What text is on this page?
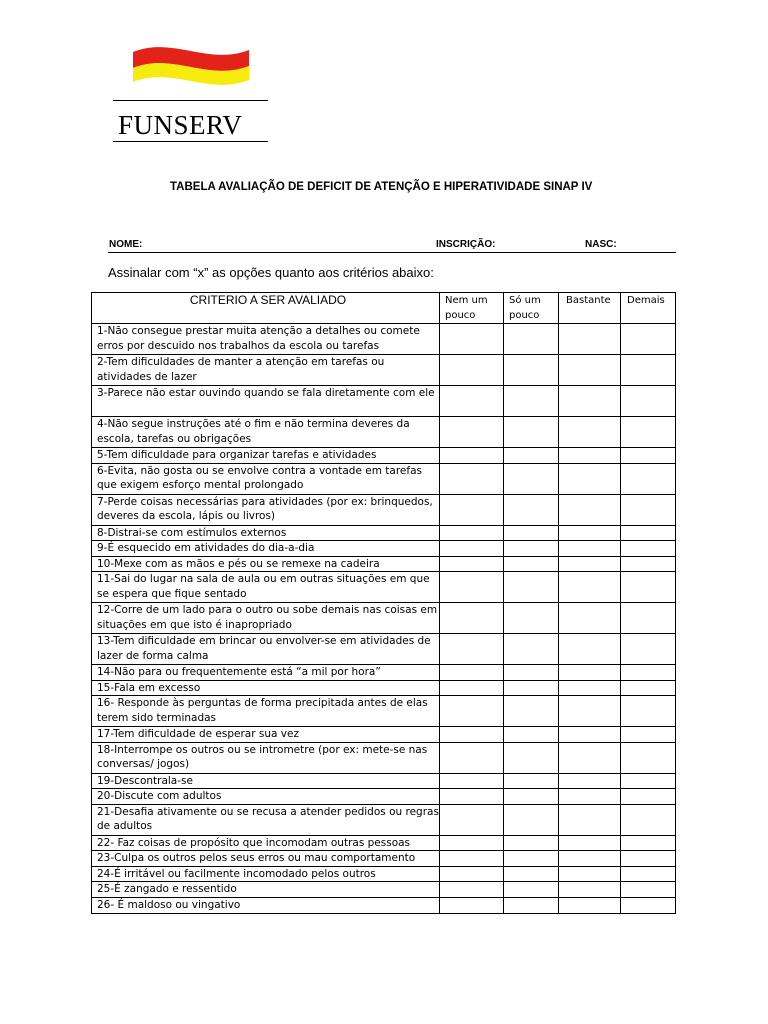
FUNSERV
TABELA AVALIAÇÃO DE DEFICIT DE ATENÇÃO E HIPERATIVIDADE SINAP IV
NOME:	INSCRIÇÃO:	NASC:
Assinalar com “x” as opções quanto aos critérios abaixo:
CRITERIO A SER AVALIADO	Nem um pouco	Só um pouco	Bastante	Demais
1-Não consegue prestar muita atenção a detalhes ou comete erros por descuido nos trabalhos da escola ou tarefas				
2-Tem dificuldades de manter a atenção em tarefas ou atividades de lazer				
3-Parece não estar ouvindo quando se fala diretamente com ele				
4-Não segue instruções até o fim e não termina deveres da escola, tarefas ou obrigações				
5-Tem dificuldade para organizar tarefas e atividades				
6-Evita, não gosta ou se envolve contra a vontade em tarefas que exigem esforço mental prolongado				
7-Perde coisas necessárias para atividades (por ex: brinquedos, deveres da escola, lápis ou livros)				
8-Distrai-se com estímulos externos				
9-É esquecido em atividades do dia-a-dia				
10-Mexe com as mãos e pés ou se remexe na cadeira				
11-Sai do lugar na sala de aula ou em outras situações em que se espera que fique sentado				
12-Corre de um lado para o outro ou sobe demais nas coisas em situações em que isto é inapropriado				
13-Tem dificuldade em brincar ou envolver-se em atividades de lazer de forma calma				
14-Não para ou frequentemente está “a mil por hora”				
15-Fala em excesso				
16- Responde às perguntas de forma precipitada antes de elas terem sido terminadas				
17-Tem dificuldade de esperar sua vez				
18-Interrompe os outros ou se intrometre (por ex: mete-se nas conversas/ jogos)				
19-Descontrala-se				
20-Discute com adultos				
21-Desafia ativamente ou se recusa a atender pedidos ou regras de adultos				
22- Faz coisas de propósito que incomodam outras pessoas				
23-Culpa os outros pelos seus erros ou mau comportamento				
24-É irritável ou facilmente incomodado pelos outros				
25-É zangado e ressentido				
26- É maldoso ou vingativo				
